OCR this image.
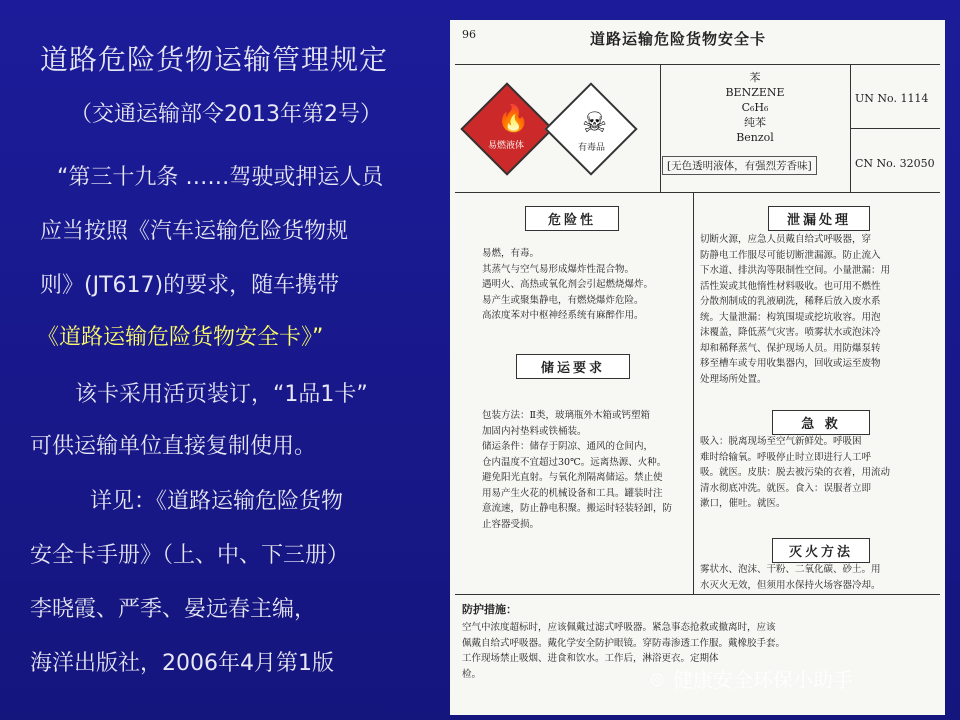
道路危险货物运输管理规定
（交通运输部令2013年第2号）
“第三十九条 ……驾驶或押运人员
应当按照《汽车运输危险货物规
则》(JT617)的要求，随车携带
《道路运输危险货物安全卡》”
该卡采用活页装订，“1品1卡”
可供运输单位直接复制使用。
详见：《道路运输危险货物
安全卡手册》（上、中、下三册）
李晓霞、严季、晏远春主编，
海洋出版社，2006年4月第1版
96	道路运输危险货物安全卡
🔥
易燃液体
☠
有毒品
苯
BENZENE
C₆H₆
纯苯
Benzol
[无色透明液体，有强烈芳香味]
UN No. 1114
CN No. 32050
危险性
易燃，有毒。
其蒸气与空气易形成爆炸性混合物。
遇明火、高热或氧化剂会引起燃烧爆炸。
易产生或聚集静电，有燃烧爆炸危险。
高浓度苯对中枢神经系统有麻醉作用。
储运要求
包装方法：Ⅱ类，玻璃瓶外木箱或钙塑箱
加固内衬垫料或铁桶装。
储运条件：储存于阴凉、通风的仓间内，
仓内温度不宜超过30℃。远离热源、火种。
避免阳光直射。与氧化剂隔离储运。禁止使
用易产生火花的机械设备和工具。罐装时注
意流速，防止静电积聚。搬运时轻装轻卸，防
止容器受损。
泄漏处理
切断火源，应急人员戴自给式呼吸器，穿
防静电工作服尽可能切断泄漏源。防止流入
下水道、排洪沟等限制性空间。小量泄漏：用
活性炭或其他惰性材料吸收。也可用不燃性
分散剂制成的乳液刷洗，稀释后放入废水系
统。大量泄漏：构筑围堤或挖坑收容。用泡
沫覆盖，降低蒸气灾害。喷雾状水或泡沫冷
却和稀释蒸气、保护现场人员。用防爆泵转
移至槽车或专用收集器内，回收或运至废物
处理场所处置。
急 救
吸入：脱离现场至空气新鲜处。呼吸困
难时给输氧。呼吸停止时立即进行人工呼
吸。就医。皮肤：脱去被污染的衣着，用流动
清水彻底冲洗。就医。食入：误服者立即
漱口，催吐。就医。
灭火方法
雾状水、泡沫、干粉、二氧化碳、砂土。用
水灭火无效，但须用水保持火场容器冷却。
防护措施：
空气中浓度超标时，应该佩戴过滤式呼吸器。紧急事态抢救或撤离时，应该
佩戴自给式呼吸器。戴化学安全防护眼镜。穿防毒渗透工作服。戴橡胶手套。
工作现场禁止吸烟、进食和饮水。工作后，淋浴更衣。定期体
检。	◎ 健康安全环保小助手
